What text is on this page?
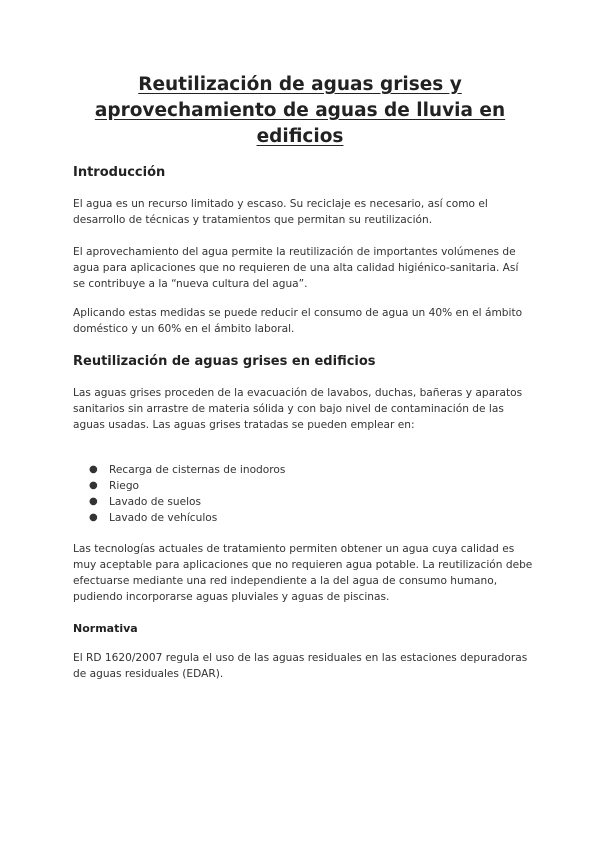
Reutilización de aguas grises y aprovechamiento de aguas de lluvia en edificios
Introducción

El agua es un recurso limitado y escaso. Su reciclaje es necesario, así como el desarrollo de técnicas y tratamientos que permitan su reutilización.

El aprovechamiento del agua permite la reutilización de importantes volúmenes de agua para aplicaciones que no requieren de una alta calidad higiénico-sanitaria. Así se contribuye a la “nueva cultura del agua”.

Aplicando estas medidas se puede reducir el consumo de agua un 40% en el ámbito doméstico y un 60% en el ámbito laboral.

Reutilización de aguas grises en edificios

Las aguas grises proceden de la evacuación de lavabos, duchas, bañeras y aparatos sanitarios sin arrastre de materia sólida y con bajo nivel de contaminación de las aguas usadas. Las aguas grises tratadas se pueden emplear en:

● Recarga de cisternas de inodoros
● Riego
● Lavado de suelos
● Lavado de vehículos

Las tecnologías actuales de tratamiento permiten obtener un agua cuya calidad es muy aceptable para aplicaciones que no requieren agua potable. La reutilización debe efectuarse mediante una red independiente a la del agua de consumo humano, pudiendo incorporarse aguas pluviales y aguas de piscinas.

Normativa

El RD 1620/2007 regula el uso de las aguas residuales en las estaciones depuradoras de aguas residuales (EDAR).
